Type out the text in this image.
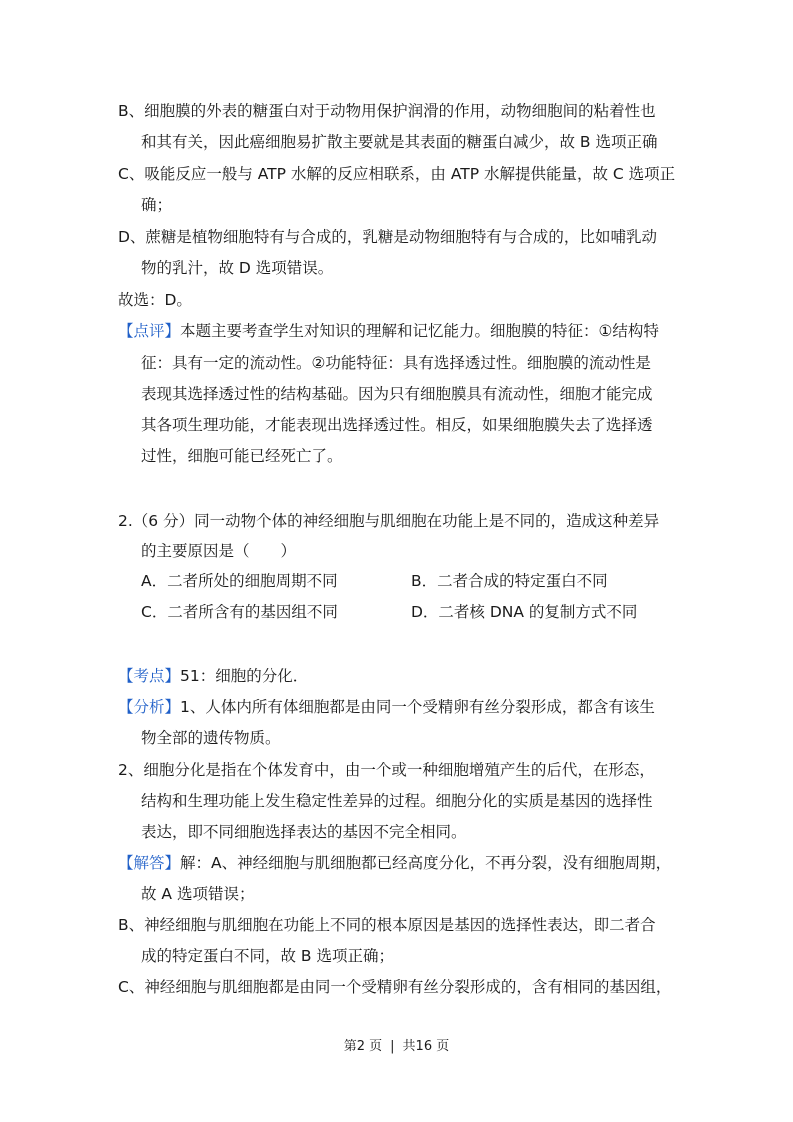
B、细胞膜的外表的糖蛋白对于动物用保护润滑的作用，动物细胞间的粘着性也
和其有关，因此癌细胞易扩散主要就是其表面的糖蛋白减少，故 B 选项正确
C、吸能反应一般与 ATP 水解的反应相联系，由 ATP 水解提供能量，故 C 选项正
确；
D、蔗糖是植物细胞特有与合成的，乳糖是动物细胞特有与合成的，比如哺乳动
物的乳汁，故 D 选项错误。
故选：D。
【点评】本题主要考查学生对知识的理解和记忆能力。细胞膜的特征：①结构特
征：具有一定的流动性。②功能特征：具有选择透过性。细胞膜的流动性是
表现其选择透过性的结构基础。因为只有细胞膜具有流动性，细胞才能完成
其各项生理功能，才能表现出选择透过性。相反，如果细胞膜失去了选择透
过性，细胞可能已经死亡了。
2.（6 分）同一动物个体的神经细胞与肌细胞在功能上是不同的，造成这种差异
的主要原因是（　　）
A．二者所处的细胞周期不同	B．二者合成的特定蛋白不同
C．二者所含有的基因组不同	D．二者核 DNA 的复制方式不同
【考点】51：细胞的分化．
【分析】1、人体内所有体细胞都是由同一个受精卵有丝分裂形成，都含有该生
物全部的遗传物质。
2、细胞分化是指在个体发育中，由一个或一种细胞增殖产生的后代，在形态，
结构和生理功能上发生稳定性差异的过程。细胞分化的实质是基因的选择性
表达，即不同细胞选择表达的基因不完全相同。
【解答】解：A、神经细胞与肌细胞都已经高度分化，不再分裂，没有细胞周期，
故 A 选项错误；
B、神经细胞与肌细胞在功能上不同的根本原因是基因的选择性表达，即二者合
成的特定蛋白不同，故 B 选项正确；
C、神经细胞与肌细胞都是由同一个受精卵有丝分裂形成的，含有相同的基因组，
第2 页 | 共16 页
